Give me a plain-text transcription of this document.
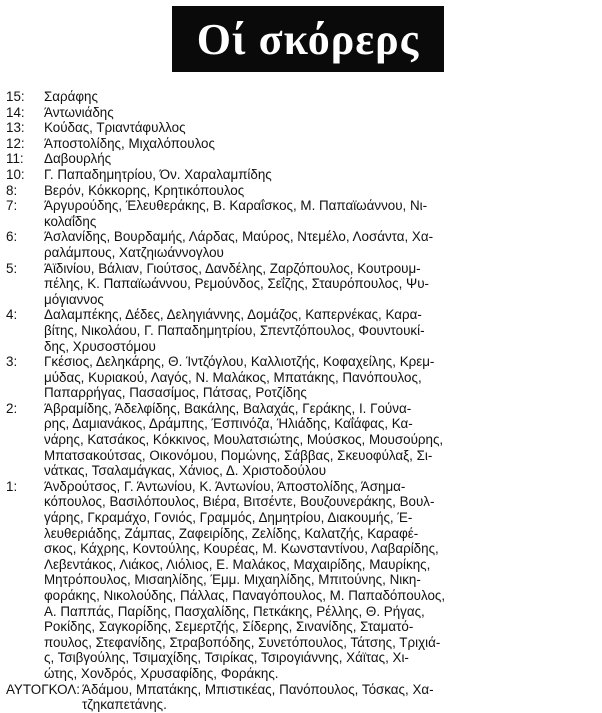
Οί σκόρερς
15:	Σαράφης
14:	Άντωνιάδης
13:	Κούδας, Τριαντάφυλλος
12:	Άποστολίδης, Μιχαλόπουλος
11:	Δαβουρλής
10:	Γ. Παπαδημητρίου, Όν. Χαραλαμπίδης
8:	Βερόν, Κόκκορης, Κρητικόπουλος
7:	Άργυρούδης, Έλευθεράκης, Β. Καραΐσκος, Μ. Παπαϊωάννου, Νι-
κολαΐδης
6:	Άσλανίδης, Βουρδαμής, Λάρδας, Μαύρος, Ντεμέλο, Λοσάντα, Χα-
ραλάμπους, Χατζηιωάννογλου
5:	Άϊδινίου, Βάλιαν, Γιούτσος, Δανδέλης, Ζαρζόπουλος, Κουτρουμ-
πέλης, Κ. Παπαϊωάννου, Ρεμούνδος, Σεΐζης, Σταυρόπουλος, Ψυ-
μόγιαννος
4:	Δαλαμπέκης, Δέδες, Δεληγιάννης, Δομάζος, Καπερνέκας, Καρα-
βίτης, Νικολάου, Γ. Παπαδημητρίου, Σπεντζόπουλος, Φουντουκί-
δης, Χρυσοστόμου
3:	Γκέσιος, Δεληκάρης, Θ. Ίντζόγλου, Καλλιοτζής, Κοφαχείλης, Κρεμ-
μύδας, Κυριακού, Λαγός, Ν. Μαλάκος, Μπατάκης, Πανόπουλος,
Παπαρρήγας, Πασασίμος, Πάτσας, Ροτζίδης
2:	Άβραμίδης, Άδελφίδης, Βακάλης, Βαλαχάς, Γεράκης, Ι. Γούνα-
ρης, Δαμιανάκος, Δράμπης, Έσπινόζα, Ήλιάδης, Καΐάφας, Κα-
νάρης, Κατσάκος, Κόκκινος, Μουλατσιώτης, Μούσκος, Μουσούρης,
Μπατσακούτσας, Οικονόμου, Πομώνης, Σάββας, Σκευοφύλαξ, Σι-
νάτκας, Τσαλαμάγκας, Χάνιος, Δ. Χριστοδούλου
1:	Άνδρούτσος, Γ. Άντωνίου, Κ. Άντωνίου, Άποστολίδης, Άσημα-
κόπουλος, Βασιλόπουλος, Βιέρα, Βιτσέντε, Βουζουνεράκης, Βουλ-
γάρης, Γκραμάχο, Γονιός, Γραμμός, Δημητρίου, Διακουμής, Έ-
λευθεριάδης, Ζάμπας, Ζαφειρίδης, Ζελίδης, Καλατζής, Καραφέ-
σκος, Κάχρης, Κοντούλης, Κουρέας, Μ. Κωνσταντίνου, Λαβαρίδης,
Λεβεντάκος, Λιάκος, Λιόλιος, Ε. Μαλάκος, Μαχαιρίδης, Μαυρίκης,
Μητρόπουλος, Μισαηλίδης, Έμμ. Μιχαηλίδης, Μπιτούνης, Νικη-
φοράκης, Νικολούδης, Πάλλας, Παναγόπουλος, Μ. Παπαδόπουλος,
Α. Παππάς, Παρίδης, Πασχαλίδης, Πετκάκης, Ρέλλης, Θ. Ρήγας,
Ροκίδης, Σαγκορίδης, Σεμερτζής, Σίδερης, Σινανίδης, Σταματό-
πουλος, Στεφανίδης, Στραβοπόδης, Συνετόπουλος, Τάτσης, Τριχιά-
ς, Τσιβγούλης, Τσιμαχίδης, Τσιρίκας, Τσιρογιάννης, Χάϊτας, Χι-
ώτης, Χονδρός, Χρυσαφίδης, Φοράκης.
ΑΥΤΟΓΚΟΛ: Άδάμου, Μπατάκης, Μπιστικέας, Πανόπουλος, Τόσκας, Χα-
τζηκαπετάνης.
